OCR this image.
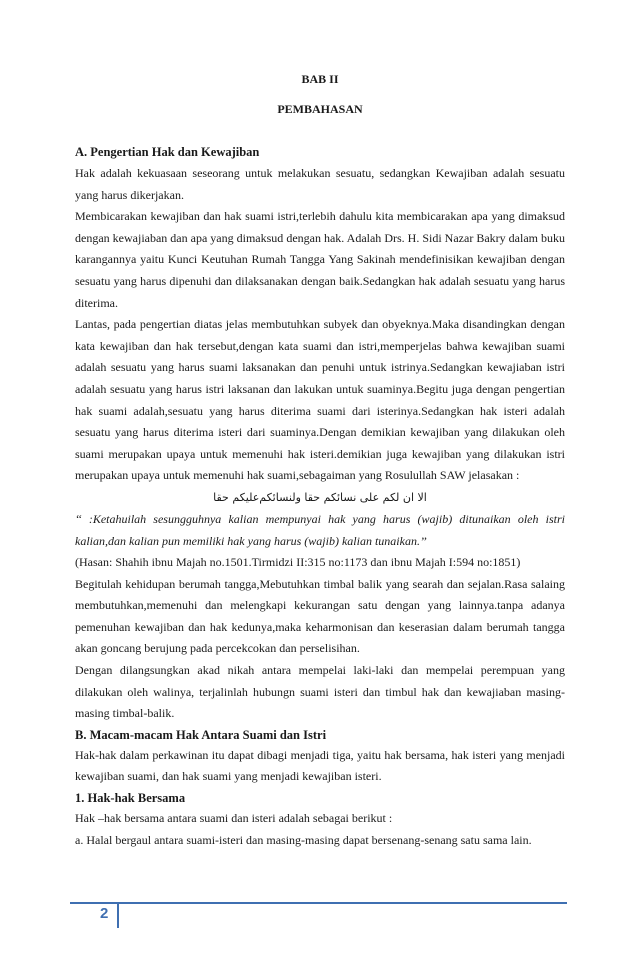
BAB II
PEMBAHASAN
A. Pengertian Hak dan Kewajiban

Hak adalah kekuasaan seseorang untuk melakukan sesuatu, sedangkan Kewajiban adalah sesuatu yang harus dikerjakan.

Membicarakan kewajiban dan hak suami istri,terlebih dahulu kita membicarakan apa yang dimaksud dengan kewajiaban dan apa yang dimaksud dengan hak. Adalah Drs. H. Sidi Nazar Bakry dalam buku karangannya yaitu Kunci Keutuhan Rumah Tangga Yang Sakinah mendefinisikan kewajiban dengan sesuatu yang harus dipenuhi dan dilaksanakan dengan baik.Sedangkan hak adalah sesuatu yang harus diterima.

Lantas, pada pengertian diatas jelas membutuhkan subyek dan obyeknya.Maka disandingkan dengan kata kewajiban dan hak tersebut,dengan kata suami dan istri,memperjelas bahwa kewajiban suami adalah sesuatu yang harus suami laksanakan dan penuhi untuk istrinya.Sedangkan kewajiaban istri adalah sesuatu yang harus istri laksanan dan lakukan untuk suaminya.Begitu juga dengan pengertian hak suami adalah,sesuatu yang harus diterima suami dari isterinya.Sedangkan hak isteri adalah sesuatu yang harus diterima isteri dari suaminya.Dengan demikian kewajiban yang dilakukan oleh suami merupakan upaya untuk memenuhi hak isteri.demikian juga kewajiban yang dilakukan istri merupakan upaya untuk memenuhi hak suami,sebagaiman yang Rosulullah SAW jelasakan :

الا ان لكم على نسائكم حقا ولنسائكم‌عليكم حقا

‘‘ :Ketahuilah sesungguhnya kalian mempunyai hak yang harus (wajib) ditunaikan oleh istri kalian,dan kalian pun memiliki hak yang harus (wajib) kalian tunaikan.’’

(Hasan: Shahih ibnu Majah no.1501.Tirmidzi II:315 no:1173 dan ibnu Majah I:594 no:1851)

Begitulah kehidupan berumah tangga,Mebutuhkan timbal balik yang searah dan sejalan.Rasa salaing membutuhkan,memenuhi dan melengkapi kekurangan satu dengan yang lainnya.tanpa adanya pemenuhan kewajiban dan hak kedunya,maka keharmonisan dan keserasian dalam berumah tangga akan goncang berujung pada percekcokan dan perselisihan.

Dengan dilangsungkan akad nikah antara mempelai laki-laki dan mempelai perempuan yang dilakukan oleh walinya, terjalinlah hubungn suami isteri dan timbul hak dan kewajiaban masing-masing timbal-balik.

B. Macam-macam Hak Antara Suami dan Istri

Hak-hak dalam perkawinan itu dapat dibagi menjadi tiga, yaitu hak bersama, hak isteri yang menjadi kewajiban suami, dan hak suami yang menjadi kewajiban isteri.

1. Hak-hak Bersama

Hak –hak bersama antara suami dan isteri adalah sebagai berikut :

a. Halal bergaul antara suami-isteri dan masing-masing dapat bersenang-senang satu sama lain.

2
